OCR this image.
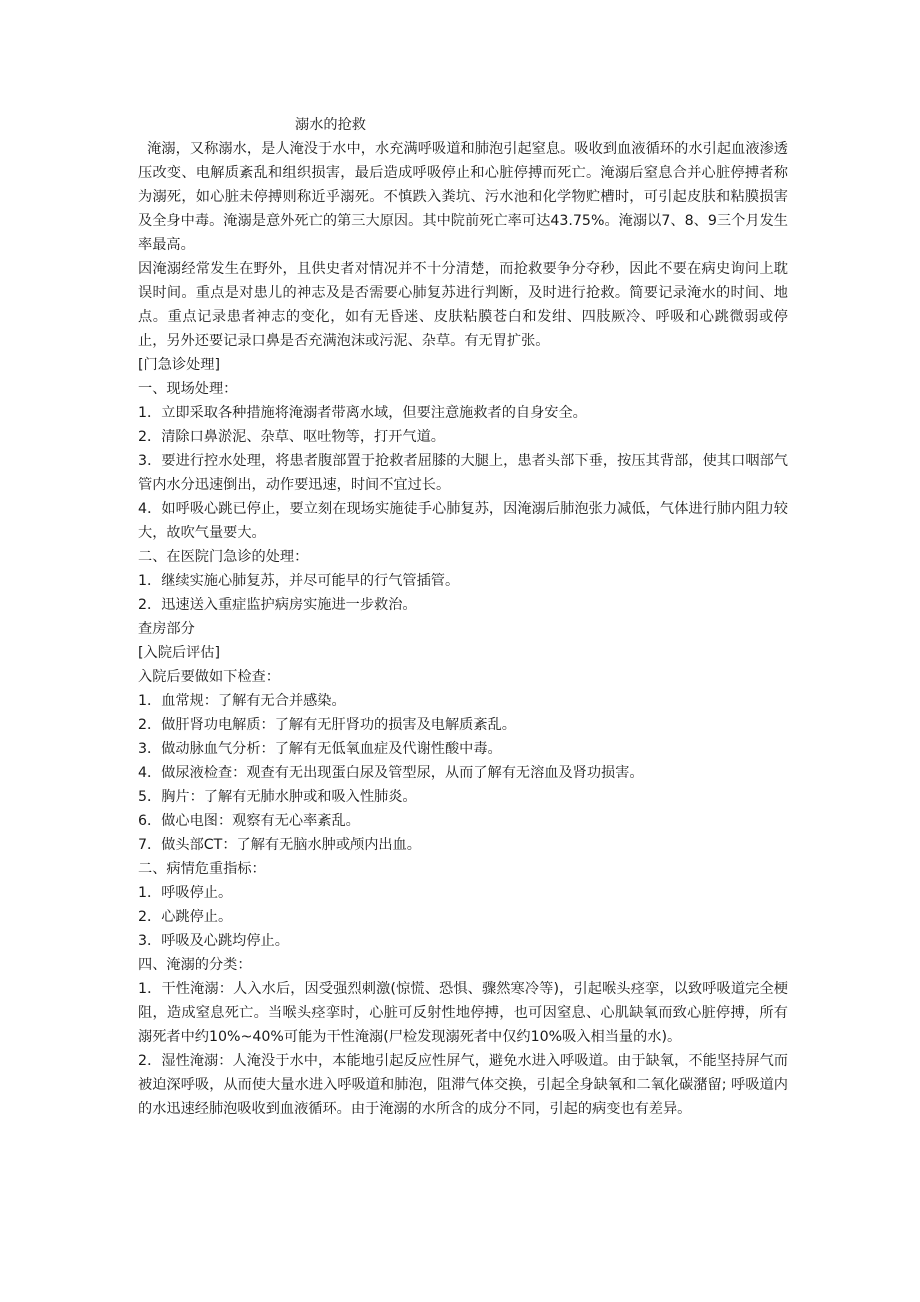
溺水的抢救

淹溺，又称溺水，是人淹没于水中，水充满呼吸道和肺泡引起窒息。吸收到血液循环的水引起血液渗透压改变、电解质紊乱和组织损害，最后造成呼吸停止和心脏停搏而死亡。淹溺后窒息合并心脏停搏者称为溺死，如心脏未停搏则称近乎溺死。不慎跌入粪坑、污水池和化学物贮槽时，可引起皮肤和粘膜损害及全身中毒。淹溺是意外死亡的第三大原因。其中院前死亡率可达43.75%。淹溺以7、8、9三个月发生率最高。

因淹溺经常发生在野外，且供史者对情况并不十分清楚，而抢救要争分夺秒，因此不要在病史询问上耽误时间。重点是对患儿的神志及是否需要心肺复苏进行判断，及时进行抢救。简要记录淹水的时间、地点。重点记录患者神志的变化，如有无昏迷、皮肤粘膜苍白和发绀、四肢厥冷、呼吸和心跳微弱或停止，另外还要记录口鼻是否充满泡沫或污泥、杂草。有无胃扩张。

[门急诊处理]

一、现场处理：

1．立即采取各种措施将淹溺者带离水域，但要注意施救者的自身安全。

2．清除口鼻淤泥、杂草、呕吐物等，打开气道。

3．要进行控水处理，将患者腹部置于抢救者屈膝的大腿上，患者头部下垂，按压其背部，使其口咽部气管内水分迅速倒出，动作要迅速，时间不宜过长。

4．如呼吸心跳已停止，要立刻在现场实施徒手心肺复苏，因淹溺后肺泡张力减低，气体进行肺内阻力较大，故吹气量要大。

二、在医院门急诊的处理：

1．继续实施心肺复苏，并尽可能早的行气管插管。

2．迅速送入重症监护病房实施进一步救治。

查房部分

[入院后评估]

入院后要做如下检查：

1．血常规：了解有无合并感染。

2．做肝肾功电解质：了解有无肝肾功的损害及电解质紊乱。

3．做动脉血气分析：了解有无低氧血症及代谢性酸中毒。

4．做尿液检查：观查有无出现蛋白尿及管型尿，从而了解有无溶血及肾功损害。

5．胸片：了解有无肺水肿或和吸入性肺炎。

6．做心电图：观察有无心率紊乱。

7．做头部CT：了解有无脑水肿或颅内出血。

二、病情危重指标：

1．呼吸停止。

2．心跳停止。

3．呼吸及心跳均停止。

四、淹溺的分类：

1．干性淹溺：人入水后，因受强烈刺激(惊慌、恐惧、骤然寒冷等)，引起喉头痉挛，以致呼吸道完全梗阻，造成窒息死亡。当喉头痉挛时，心脏可反射性地停搏，也可因窒息、心肌缺氧而致心脏停搏，所有溺死者中约10%~40%可能为干性淹溺(尸检发现溺死者中仅约10%吸入相当量的水)。

2．湿性淹溺：人淹没于水中，本能地引起反应性屏气，避免水进入呼吸道。由于缺氧，不能坚持屏气而被迫深呼吸，从而使大量水进入呼吸道和肺泡，阻滞气体交换，引起全身缺氧和二氧化碳潴留; 呼吸道内的水迅速经肺泡吸收到血液循环。由于淹溺的水所含的成分不同，引起的病变也有差异。
